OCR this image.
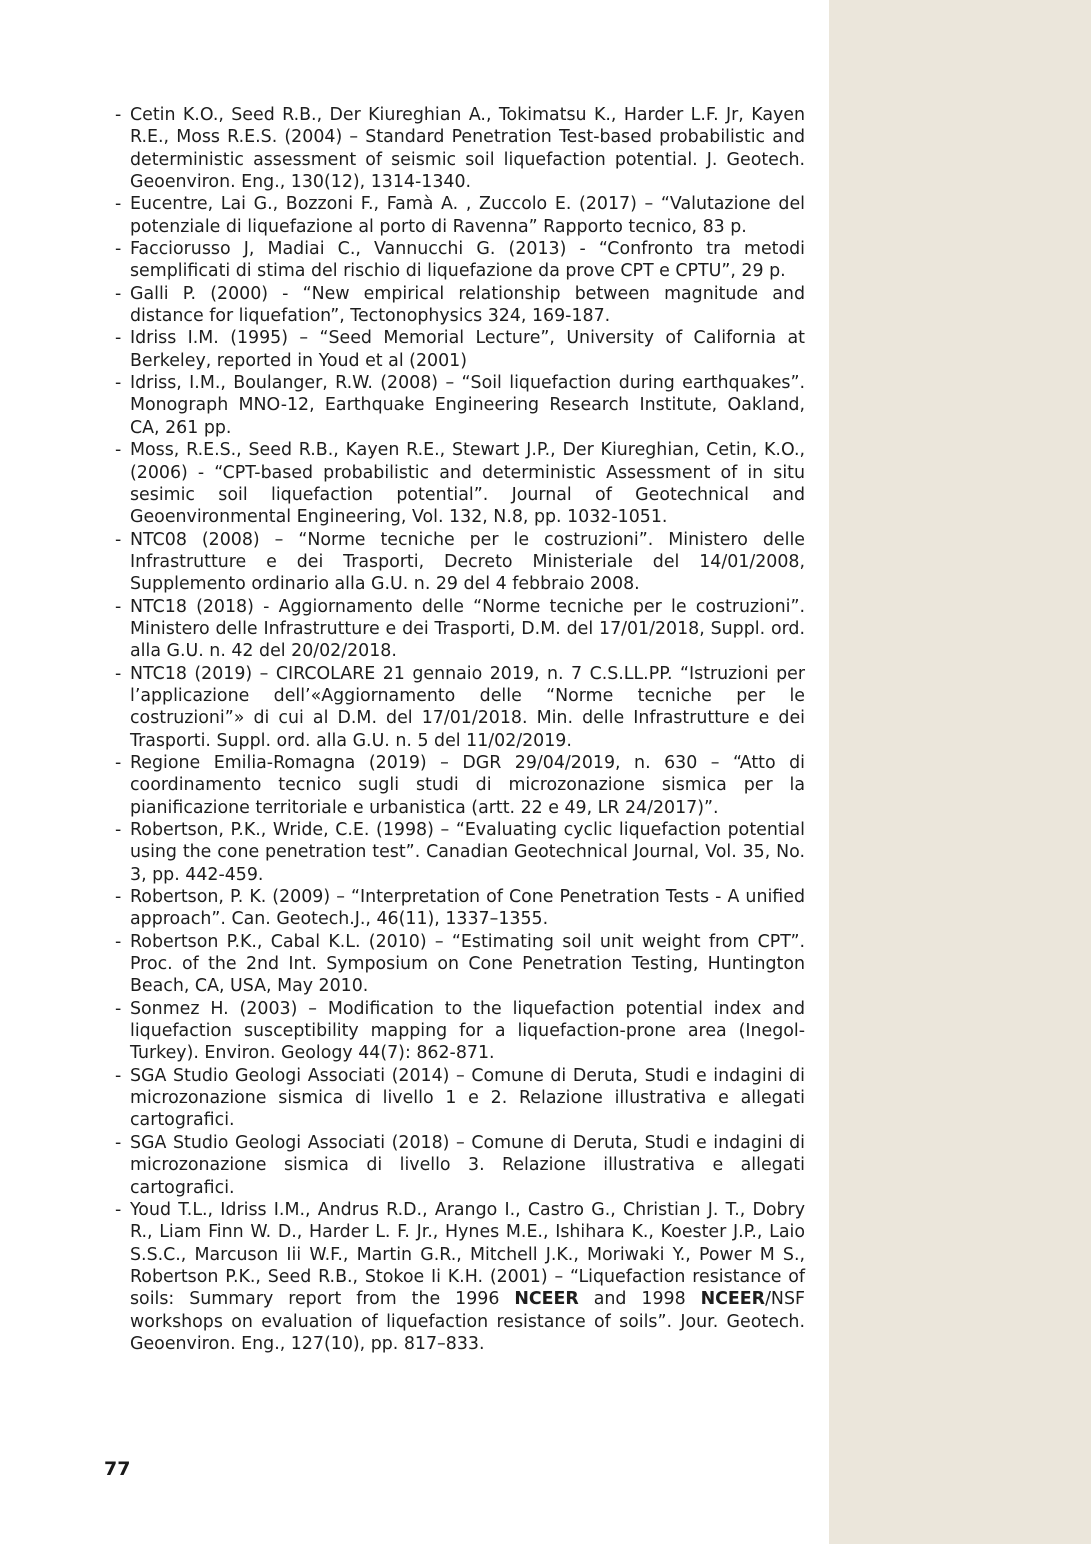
- Cetin K.O., Seed R.B., Der Kiureghian A., Tokimatsu K., Harder L.F. Jr, Kayen R.E., Moss R.E.S. (2004) – Standard Penetration Test-based probabilistic and deterministic assessment of seismic soil liquefaction potential. J. Geotech. Geoenviron. Eng., 130(12), 1314-1340.
- Eucentre, Lai G., Bozzoni F., Famà A. , Zuccolo E. (2017) – “Valutazione del potenziale di liquefazione al porto di Ravenna” Rapporto tecnico, 83 p.
- Facciorusso J, Madiai C., Vannucchi G. (2013) - “Confronto tra metodi semplificati di stima del rischio di liquefazione da prove CPT e CPTU”, 29 p.
- Galli P. (2000) - “New empirical relationship between magnitude and distance for liquefation”, Tectonophysics 324, 169-187.
- Idriss I.M. (1995) – “Seed Memorial Lecture”, University of California at Berkeley, reported in Youd et al (2001)
- Idriss, I.M., Boulanger, R.W. (2008) – “Soil liquefaction during earthquakes”. Monograph MNO-12, Earthquake Engineering Research Institute, Oakland, CA, 261 pp.
- Moss, R.E.S., Seed R.B., Kayen R.E., Stewart J.P., Der Kiureghian, Cetin, K.O., (2006) - “CPT-based probabilistic and deterministic Assessment of in situ sesimic soil liquefaction potential”. Journal of Geotechnical and Geoenvironmental Engineering, Vol. 132, N.8, pp. 1032-1051.
- NTC08 (2008) – “Norme tecniche per le costruzioni”. Ministero delle Infrastrutture e dei Trasporti, Decreto Ministeriale del 14/01/2008, Supplemento ordinario alla G.U. n. 29 del 4 febbraio 2008.
- NTC18 (2018) - Aggiornamento delle “Norme tecniche per le costruzioni”. Ministero delle Infrastrutture e dei Trasporti, D.M. del 17/01/2018, Suppl. ord. alla G.U. n. 42 del 20/02/2018.
- NTC18 (2019) – CIRCOLARE 21 gennaio 2019, n. 7 C.S.LL.PP. “Istruzioni per l’applicazione dell’«Aggiornamento delle “Norme tecniche per le costruzioni”» di cui al D.M. del 17/01/2018. Min. delle Infrastrutture e dei Trasporti. Suppl. ord. alla G.U. n. 5 del 11/02/2019.
- Regione Emilia-Romagna (2019) – DGR 29/04/2019, n. 630 – “Atto di coordinamento tecnico sugli studi di microzonazione sismica per la pianificazione territoriale e urbanistica (artt. 22 e 49, LR 24/2017)”.
- Robertson, P.K., Wride, C.E. (1998) – “Evaluating cyclic liquefaction potential using the cone penetration test”. Canadian Geotechnical Journal, Vol. 35, No. 3, pp. 442-459.
- Robertson, P. K. (2009) – “Interpretation of Cone Penetration Tests - A unified approach”. Can. Geotech.J., 46(11), 1337–1355.
- Robertson P.K., Cabal K.L. (2010) – “Estimating soil unit weight from CPT”. Proc. of the 2nd Int. Symposium on Cone Penetration Testing, Huntington Beach, CA, USA, May 2010.
- Sonmez H. (2003) – Modification to the liquefaction potential index and liquefaction susceptibility mapping for a liquefaction-prone area (Inegol-Turkey). Environ. Geology 44(7): 862-871.
- SGA Studio Geologi Associati (2014) – Comune di Deruta, Studi e indagini di microzonazione sismica di livello 1 e 2. Relazione illustrativa e allegati cartografici.
- SGA Studio Geologi Associati (2018) – Comune di Deruta, Studi e indagini di microzonazione sismica di livello 3. Relazione illustrativa e allegati cartografici.
- Youd T.L., Idriss I.M., Andrus R.D., Arango I., Castro G., Christian J. T., Dobry R., Liam Finn W. D., Harder L. F. Jr., Hynes M.E., Ishihara K., Koester J.P., Laio S.S.C., Marcuson Iii W.F., Martin G.R., Mitchell J.K., Moriwaki Y., Power M S., Robertson P.K., Seed R.B., Stokoe Ii K.H. (2001) – “Liquefaction resistance of soils: Summary report from the 1996 NCEER and 1998 NCEER/NSF workshops on evaluation of liquefaction resistance of soils”. Jour. Geotech. Geoenviron. Eng., 127(10), pp. 817–833.
77
